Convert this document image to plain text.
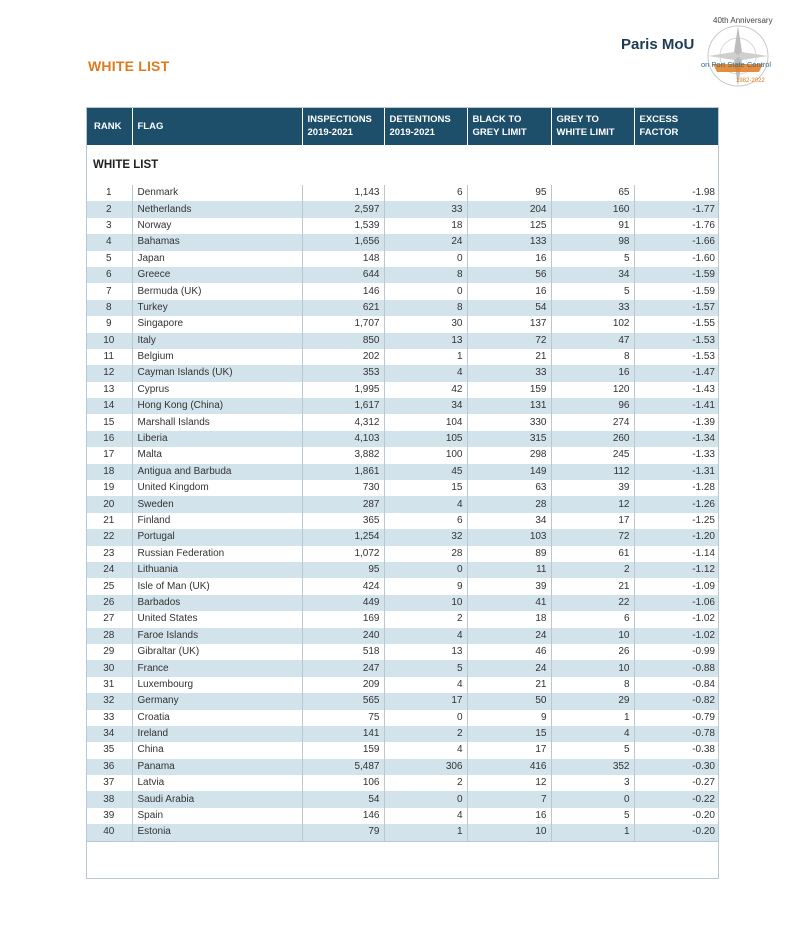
WHITE LIST
40th Anniversary
Paris MoU
on Port State Control
1982-2022
RANK	FLAG	INSPECTIONS 2019-2021	DETENTIONS 2019-2021	BLACK TO GREY LIMIT	GREY TO WHITE LIMIT	EXCESS FACTOR
WHITE LIST						
1	Denmark	1,143	6	95	65	-1.98
2	Netherlands	2,597	33	204	160	-1.77
3	Norway	1,539	18	125	91	-1.76
4	Bahamas	1,656	24	133	98	-1.66
5	Japan	148	0	16	5	-1.60
6	Greece	644	8	56	34	-1.59
7	Bermuda (UK)	146	0	16	5	-1.59
8	Turkey	621	8	54	33	-1.57
9	Singapore	1,707	30	137	102	-1.55
10	Italy	850	13	72	47	-1.53
11	Belgium	202	1	21	8	-1.53
12	Cayman Islands (UK)	353	4	33	16	-1.47
13	Cyprus	1,995	42	159	120	-1.43
14	Hong Kong (China)	1,617	34	131	96	-1.41
15	Marshall Islands	4,312	104	330	274	-1.39
16	Liberia	4,103	105	315	260	-1.34
17	Malta	3,882	100	298	245	-1.33
18	Antigua and Barbuda	1,861	45	149	112	-1.31
19	United Kingdom	730	15	63	39	-1.28
20	Sweden	287	4	28	12	-1.26
21	Finland	365	6	34	17	-1.25
22	Portugal	1,254	32	103	72	-1.20
23	Russian Federation	1,072	28	89	61	-1.14
24	Lithuania	95	0	11	2	-1.12
25	Isle of Man (UK)	424	9	39	21	-1.09
26	Barbados	449	10	41	22	-1.06
27	United States	169	2	18	6	-1.02
28	Faroe Islands	240	4	24	10	-1.02
29	Gibraltar (UK)	518	13	46	26	-0.99
30	France	247	5	24	10	-0.88
31	Luxembourg	209	4	21	8	-0.84
32	Germany	565	17	50	29	-0.82
33	Croatia	75	0	9	1	-0.79
34	Ireland	141	2	15	4	-0.78
35	China	159	4	17	5	-0.38
36	Panama	5,487	306	416	352	-0.30
37	Latvia	106	2	12	3	-0.27
38	Saudi Arabia	54	0	7	0	-0.22
39	Spain	146	4	16	5	-0.20
40	Estonia	79	1	10	1	-0.20
